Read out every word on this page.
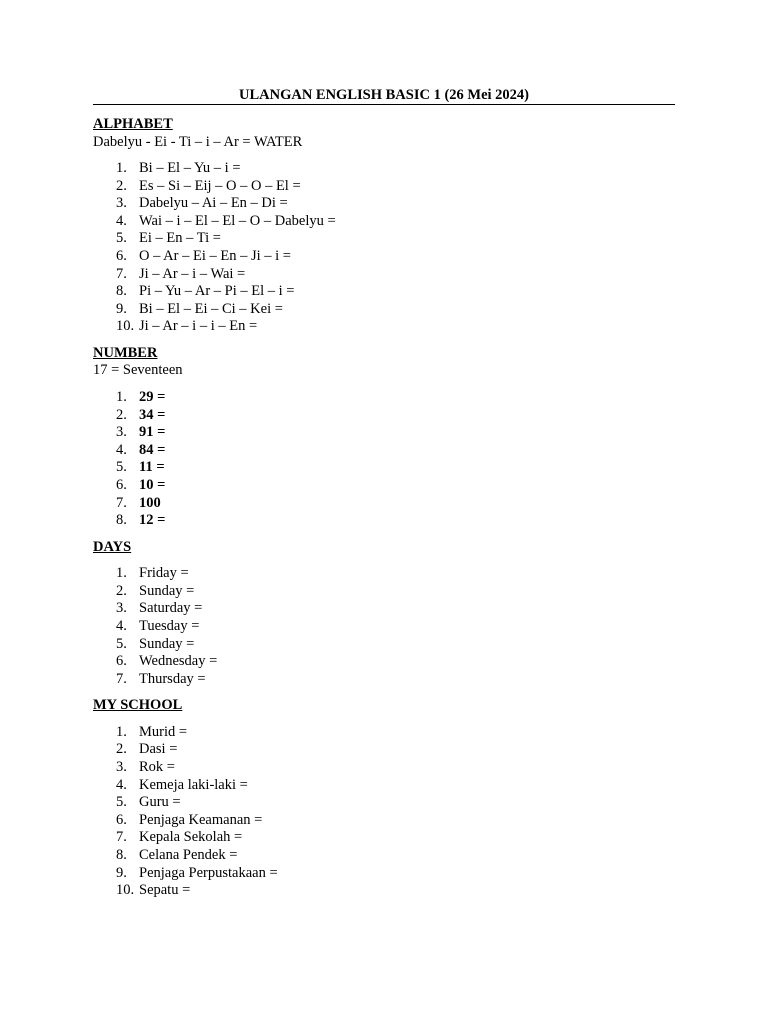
ULANGAN ENGLISH BASIC 1 (26 Mei 2024)

ALPHABET

Dabelyu - Ei - Ti – i – Ar = WATER

1. Bi – El – Yu – i =
2. Es – Si – Eij – O – O – El =
3. Dabelyu – Ai – En – Di =
4. Wai – i – El – El – O – Dabelyu =
5. Ei – En – Ti =
6. O – Ar – Ei – En – Ji – i =
7. Ji – Ar – i – Wai =
8. Pi – Yu – Ar – Pi – El – i =
9. Bi – El – Ei – Ci – Kei =
10. Ji – Ar – i – i – En =

NUMBER

17 = Seventeen

1. 29 =
2. 34 =
3. 91 =
4. 84 =
5. 11 =
6. 10 =
7. 100
8. 12 =

DAYS

1. Friday =
2. Sunday =
3. Saturday =
4. Tuesday =
5. Sunday =
6. Wednesday =
7. Thursday =

MY SCHOOL

1. Murid =
2. Dasi =
3. Rok =
4. Kemeja laki-laki =
5. Guru =
6. Penjaga Keamanan =
7. Kepala Sekolah =
8. Celana Pendek =
9. Penjaga Perpustakaan =
10. Sepatu =
